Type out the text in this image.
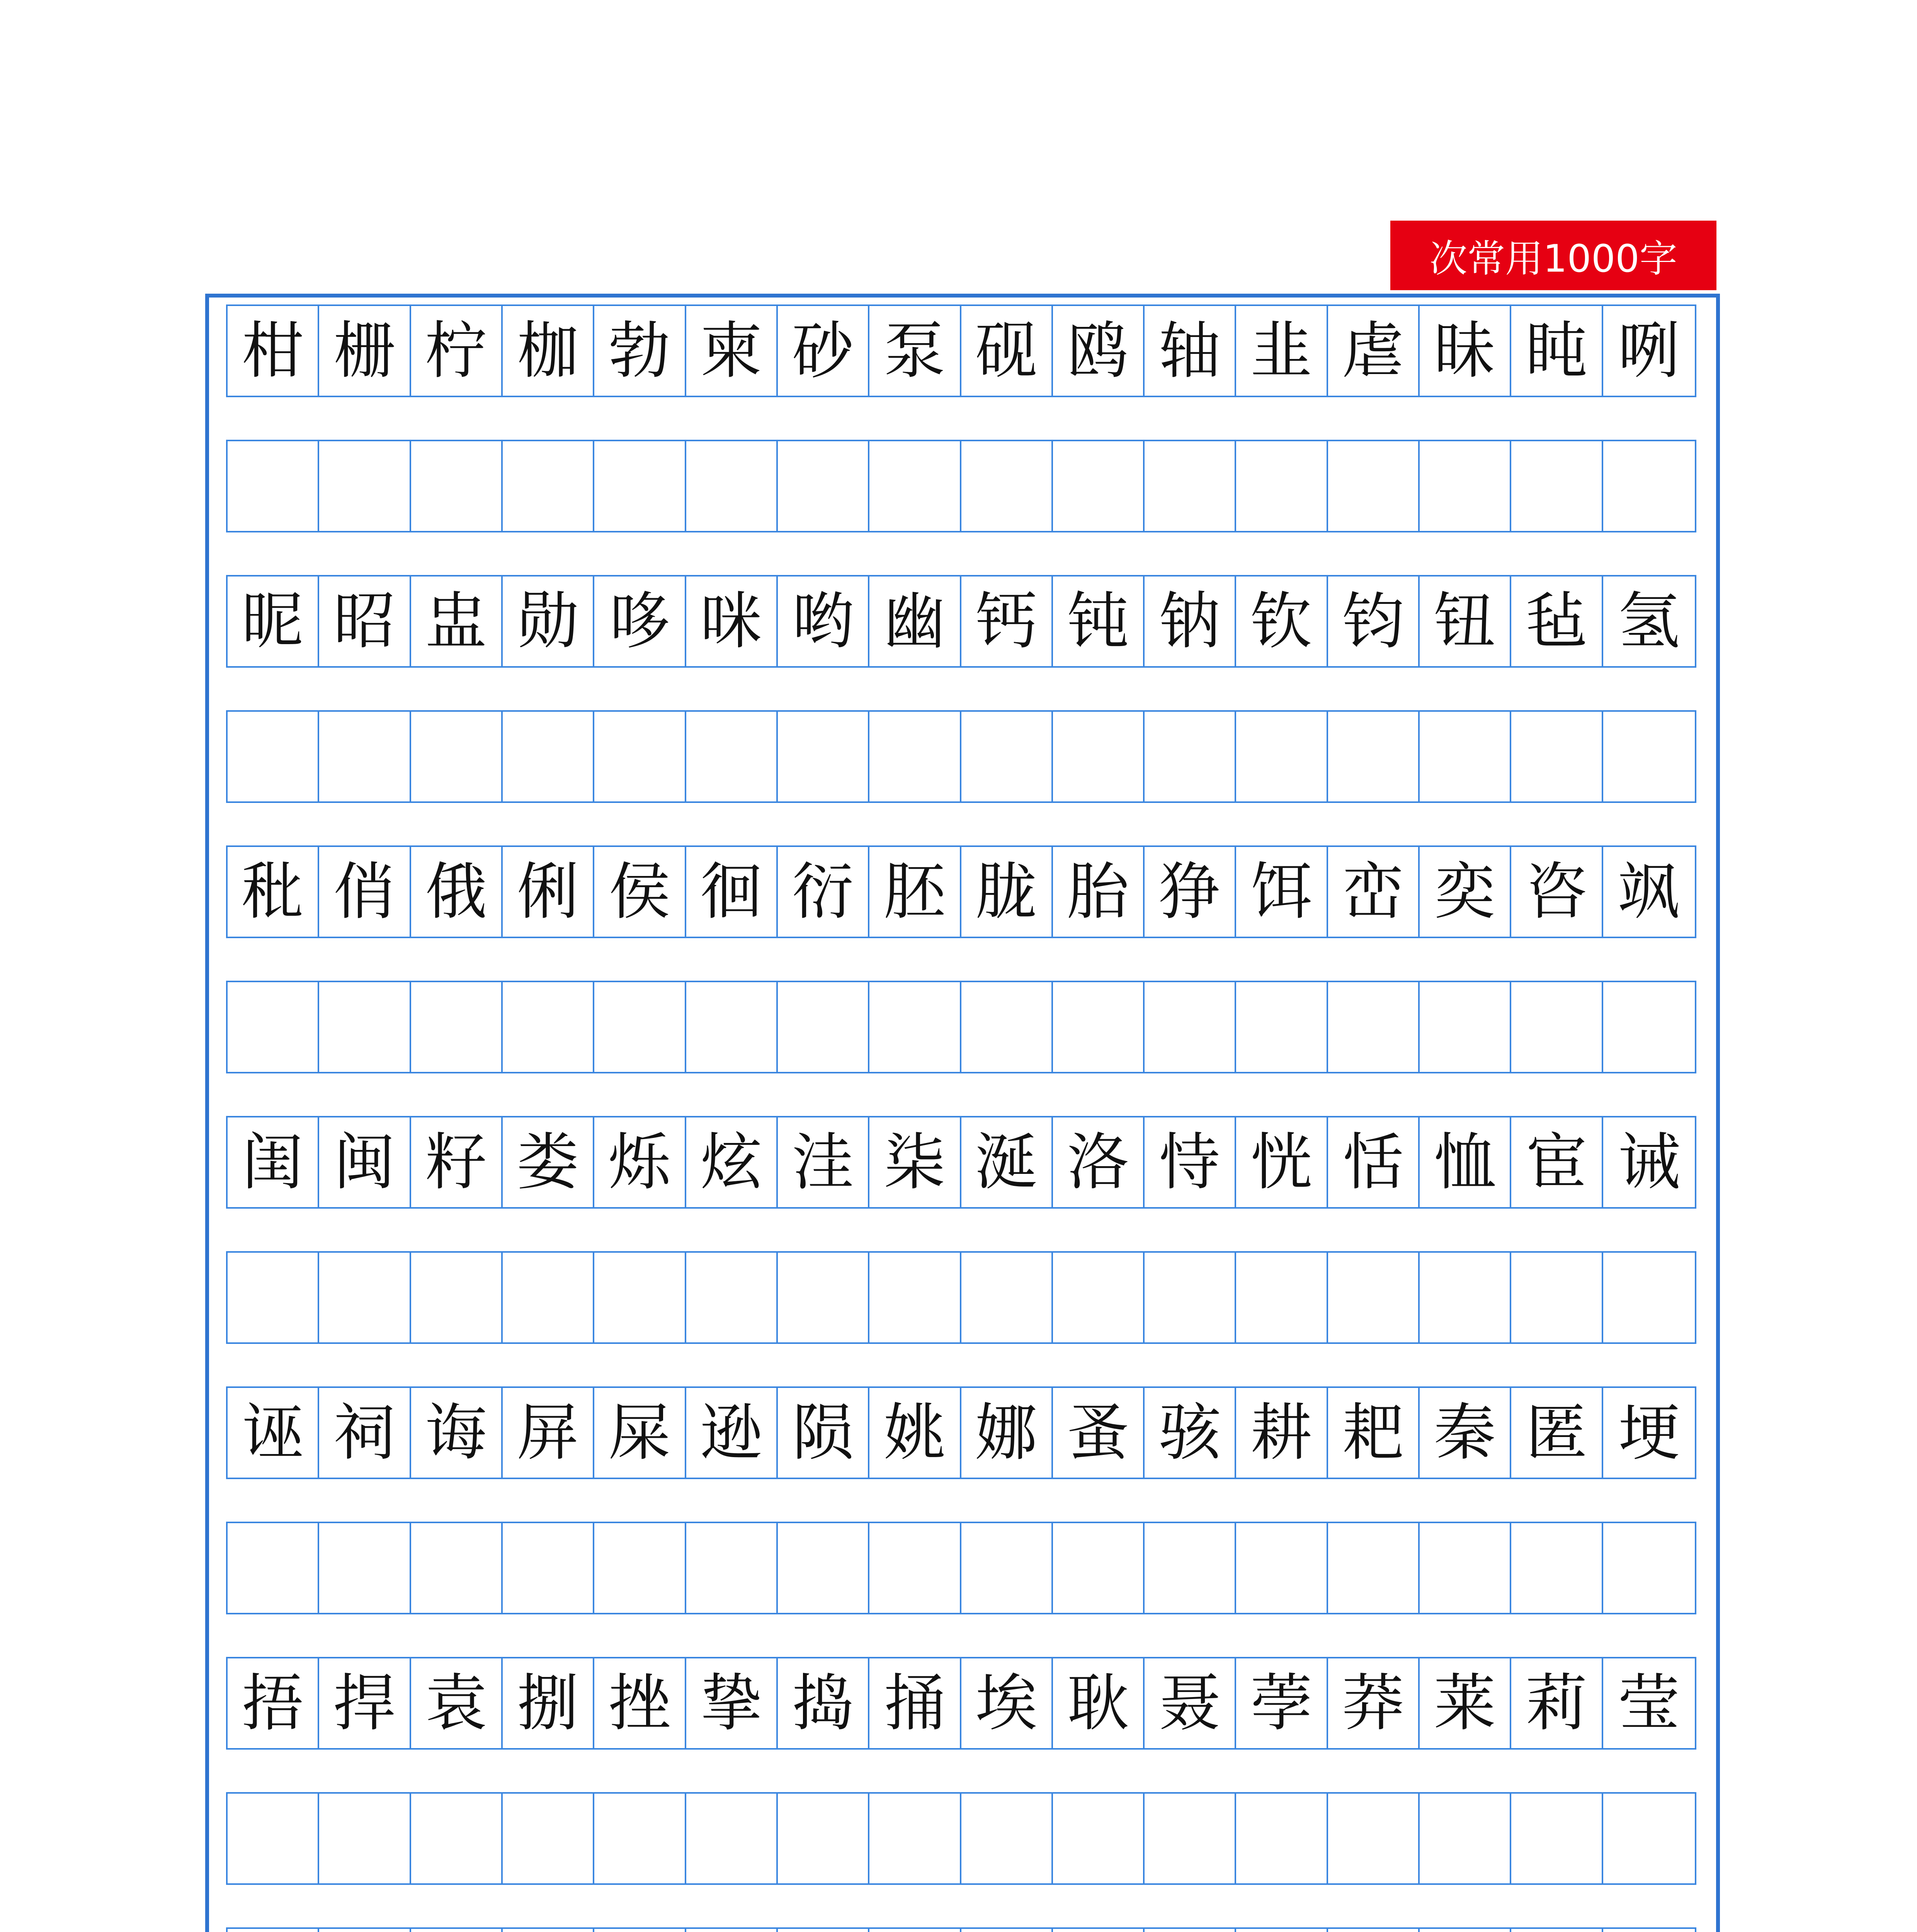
次常用1000字
柑 栅 柠 枷 勃 柬 砂 泵 砚 鸥 轴 韭 虐 昧 盹 咧
昵 昭 盅 勋 哆 咪 哟 幽 钙 钝 钠 钦 钧 钮 毡 氢
秕 俏 俄 俐 侯 徊 衍 胚 胧 胎 狰 饵 峦 奕 咨 飒
闺 闽 籽 娄 烁 炫 洼 柒 涎 洛 恃 恍 恬 恤 宦 诫
诬 祠 诲 屏 屎 逊 陨 姚 娜 蚤 骇 耕 耙 秦 匿 埂
捂 捍 袁 捌 挫 挚 捣 捅 埃 耿 聂 荸 莽 莱 莉 莹
